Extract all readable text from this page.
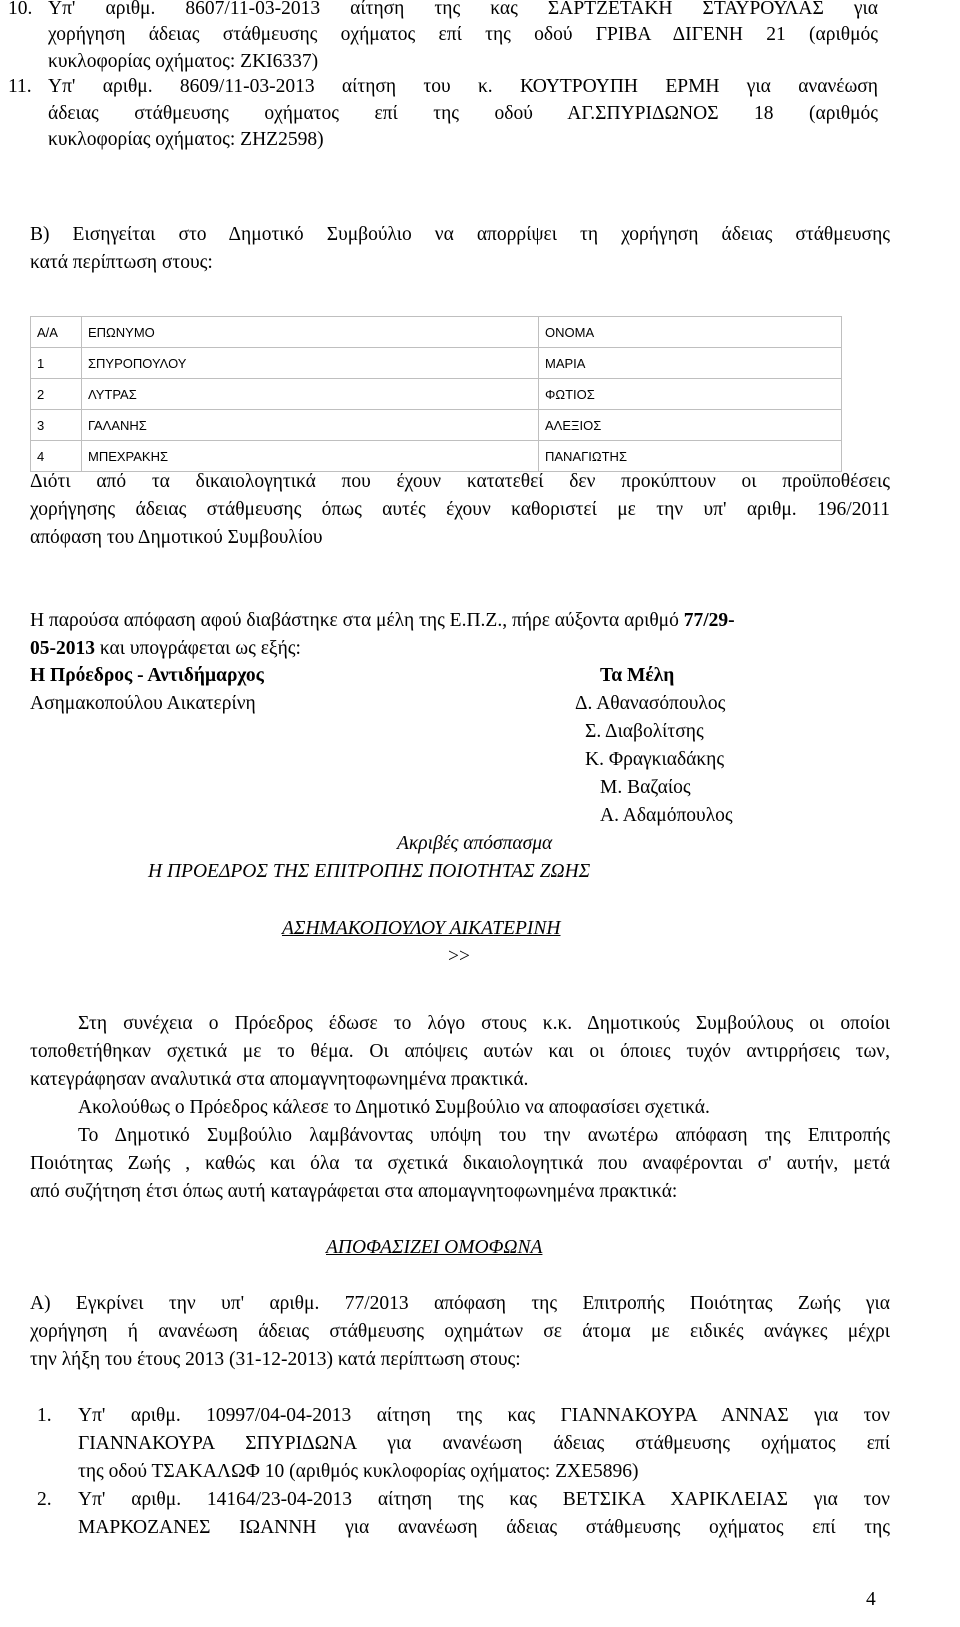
10. Υπ' αριθμ. 8607/11-03-2013 αίτηση της κας ΣΑΡΤΖΕΤΑΚΗ ΣΤΑΥΡΟΥΛΑΣ για
χορήγηση άδειας στάθμευσης οχήματος επί της οδού ΓΡΙΒΑ ΔΙΓΕΝΗ 21 (αριθμός
κυκλοφορίας οχήματος: ΖΚΙ6337)
11. Υπ' αριθμ. 8609/11-03-2013 αίτηση του κ. ΚΟΥΤΡΟΥΠΗ ΕΡΜΗ για ανανέωση
άδειας στάθμευσης οχήματος επί της οδού ΑΓ.ΣΠΥΡΙΔΩΝΟΣ 18 (αριθμός
κυκλοφορίας οχήματος: ΖΗΖ2598)
Β) Εισηγείται στο Δημοτικό Συμβούλιο να απορρίψει τη χορήγηση άδειας στάθμευσης
κατά περίπτωση στους:
Α/Α	ΕΠΩΝΥΜΟ	ΟΝΟΜΑ
1	ΣΠΥΡΟΠΟΥΛΟΥ	ΜΑΡΙΑ
2	ΛΥΤΡΑΣ	ΦΩΤΙΟΣ
3	ΓΑΛΑΝΗΣ	ΑΛΕΞΙΟΣ
4	ΜΠΕΧΡΑΚΗΣ	ΠΑΝΑΓΙΩΤΗΣ
Διότι από τα δικαιολογητικά που έχουν κατατεθεί δεν προκύπτουν οι προϋποθέσεις
χορήγησης άδειας στάθμευσης όπως αυτές έχουν καθοριστεί με την υπ' αριθμ. 196/2011
απόφαση του Δημοτικού Συμβουλίου
Η παρούσα απόφαση αφού διαβάστηκε στα μέλη της Ε.Π.Ζ., πήρε αύξοντα αριθμό 77/29-
05-2013 και υπογράφεται ως εξής:
Η Πρόεδρος - Αντιδήμαρχος
Ασημακοπούλου Αικατερίνη
Τα Μέλη
Δ. Αθανασόπουλος
Σ. Διαβολίτσης
Κ. Φραγκιαδάκης
Μ. Βαζαίος
Α. Αδαμόπουλος
Ακριβές απόσπασμα
Η ΠΡΟΕΔΡΟΣ ΤΗΣ ΕΠΙΤΡΟΠΗΣ ΠΟΙΟΤΗΤΑΣ ΖΩΗΣ
ΑΣΗΜΑΚΟΠΟΥΛΟΥ ΑΙΚΑΤΕΡΙΝΗ
>>
Στη συνέχεια ο Πρόεδρος έδωσε το λόγο στους κ.κ. Δημοτικούς Συμβούλους οι οποίοι
τοποθετήθηκαν σχετικά με το θέμα. Οι απόψεις αυτών και οι όποιες τυχόν αντιρρήσεις των,
κατεγράφησαν αναλυτικά στα απομαγνητοφωνημένα πρακτικά.
Ακολούθως ο Πρόεδρος κάλεσε το Δημοτικό Συμβούλιο να αποφασίσει σχετικά.
Το Δημοτικό Συμβούλιο λαμβάνοντας υπόψη του την ανωτέρω απόφαση της Επιτροπής
Ποιότητας Ζωής , καθώς και όλα τα σχετικά δικαιολογητικά που αναφέρονται σ' αυτήν, μετά
από συζήτηση έτσι όπως αυτή καταγράφεται στα απομαγνητοφωνημένα πρακτικά:
ΑΠΟΦΑΣΙΖΕΙ ΟΜΟΦΩΝΑ
Α) Εγκρίνει την υπ' αριθμ. 77/2013 απόφαση της Επιτροπής Ποιότητας Ζωής για
χορήγηση ή ανανέωση άδειας στάθμευσης οχημάτων σε άτομα με ειδικές ανάγκες μέχρι
την λήξη του έτους 2013 (31-12-2013) κατά περίπτωση στους:
1. Υπ' αριθμ. 10997/04-04-2013 αίτηση της κας ΓΙΑΝΝΑΚΟΥΡΑ ΑΝΝΑΣ για τον
ΓΙΑΝΝΑΚΟΥΡΑ ΣΠΥΡΙΔΩΝΑ για ανανέωση άδειας στάθμευσης οχήματος επί
της οδού ΤΣΑΚΑΛΩΦ 10 (αριθμός κυκλοφορίας οχήματος: ΖΧΕ5896)
2. Υπ' αριθμ. 14164/23-04-2013 αίτηση της κας ΒΕΤΣΙΚΑ ΧΑΡΙΚΛΕΙΑΣ για τον
ΜΑΡΚΟΖΑΝΕΣ ΙΩΑΝΝΗ για ανανέωση άδειας στάθμευσης οχήματος επί της
4
